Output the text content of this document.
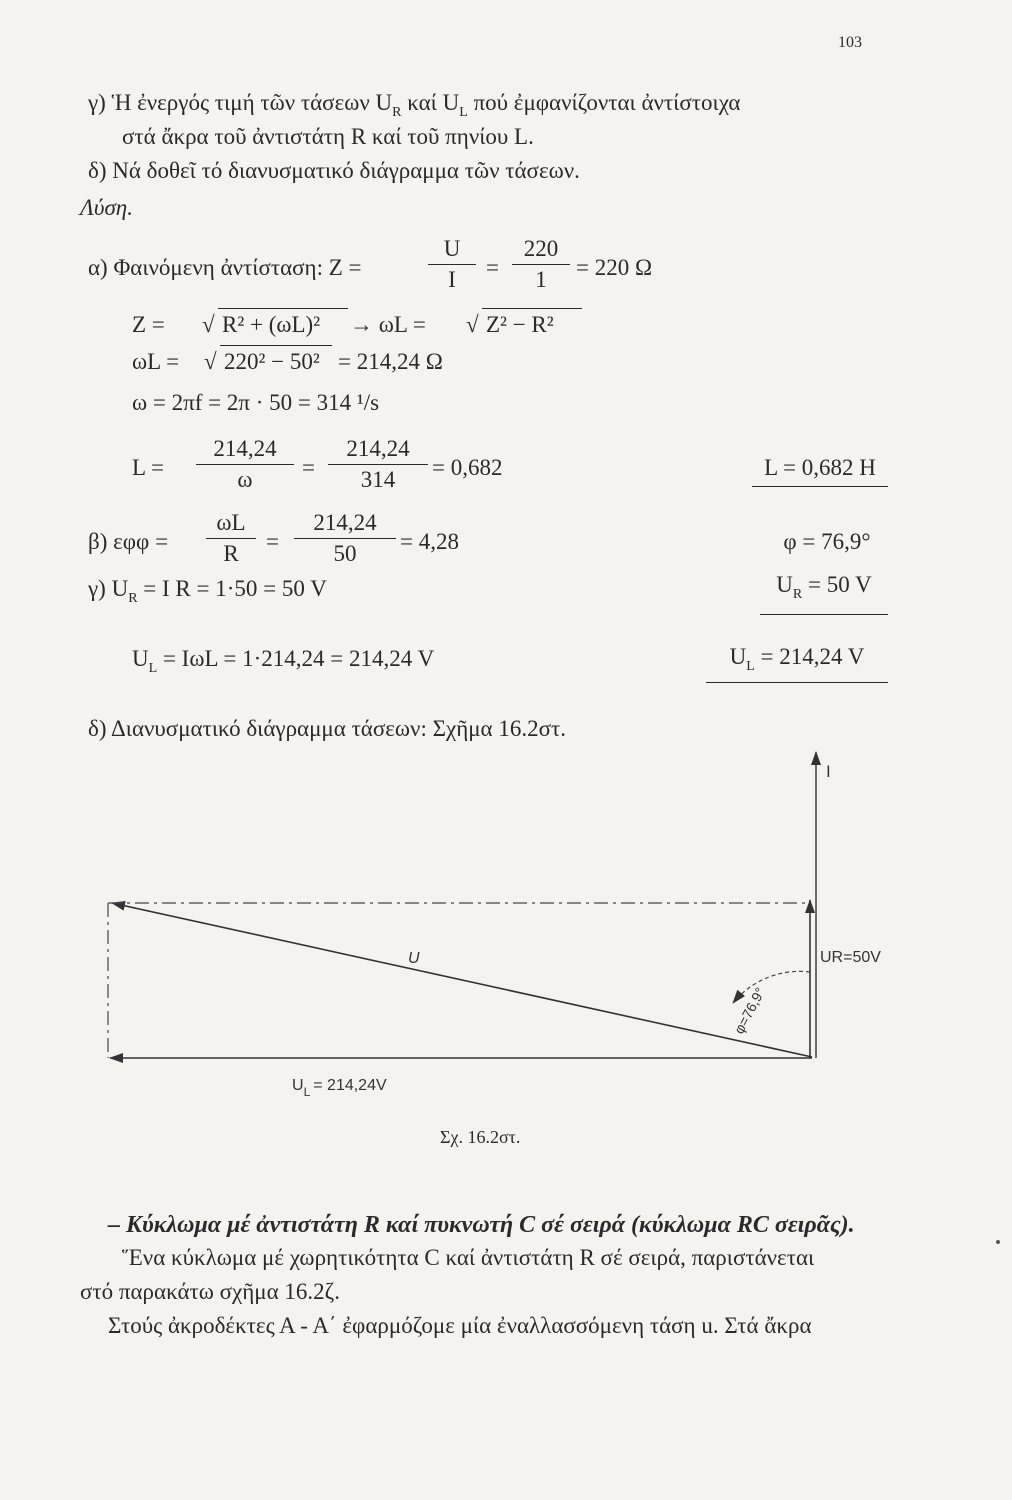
103
γ) Ἡ ἐνεργός τιμή τῶν τάσεων $U_R$ καί $U_L$ πού ἐμφανίζονται ἀντίστοιχα
στά ἄκρα τοῦ ἀντιστάτη R καί τοῦ πηνίου L.
δ) Νά δοθεῖ τό διανυσματικό διάγραμμα τῶν τάσεων.
Λύση.
α) Φαινόμενη ἀντίσταση: Z =
U
I	=
220
1	= 220 Ω
Z = √ R² + (ωL)² → ωL = √ Z² − R²
ωL = √ 220² − 50² = 214,24 Ω
ω = 2πf = 2π · 50 = 314 ¹/s
L =
214,24
ω	=
214,24
314	= 0,682	L = 0,682 H
β) εφφ =
ωL
R	=
214,24
50	= 4,28	φ = 76,9°
γ) $U_R = I$ R = 1·50 = 50 V	$U_R = 50$ V
$U_L = I\omega L = 1\cdot 214,24 = 214,24$ V	$U_L = 214,24$ V
δ) Διανυσματικό διάγραμμα τάσεων: Σχῆμα 16.2στ.
I
U	UR=50V
φ=76,9°
$U_L = 214,24V$
Σχ. 16.2στ.
– Κύκλωμα μέ ἀντιστάτη R καί πυκνωτή C σέ σειρά (κύκλωμα RC σειρᾶς).
Ἕνα κύκλωμα μέ χωρητικότητα C καί ἀντιστάτη R σέ σειρά, παριστάνεται
στό παρακάτω σχῆμα 16.2ζ.
Στούς ἀκροδέκτες Α - Α΄ ἐφαρμόζομε μία ἐναλλασσόμενη τάση u. Στά ἄκρα
